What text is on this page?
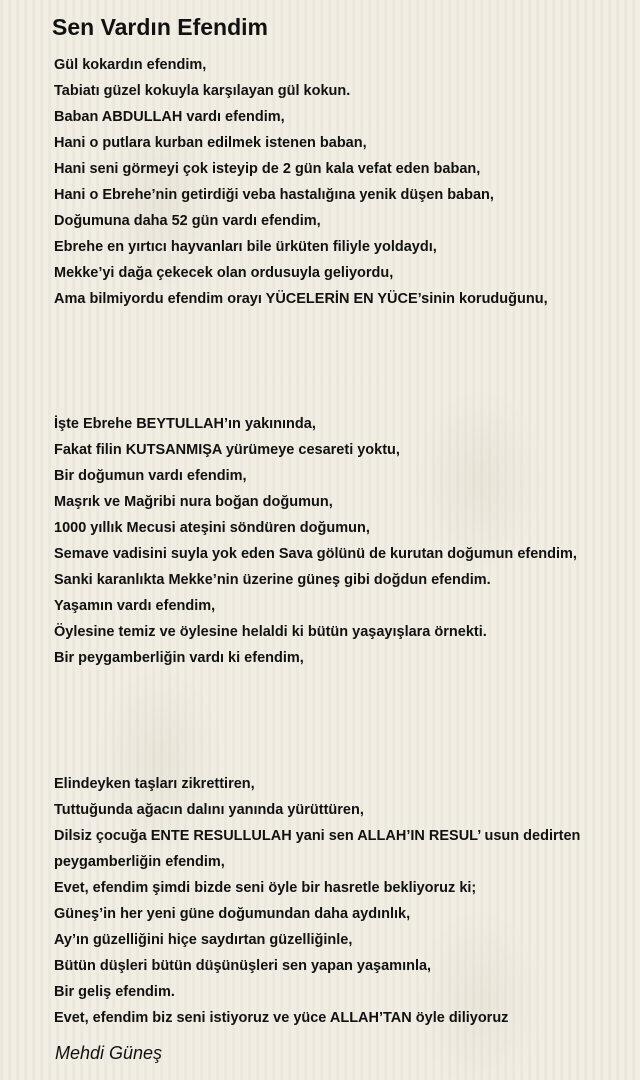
Sen Vardın Efendim
Gül kokardın efendim,
Tabiatı güzel kokuyla karşılayan gül kokun.
Baban ABDULLAH vardı efendim,
Hani o putlara kurban edilmek istenen baban,
Hani seni görmeyi çok isteyip de 2 gün kala vefat eden baban,
Hani o Ebrehe’nin getirdiği veba hastalığına yenik düşen baban,
Doğumuna daha 52 gün vardı efendim,
Ebrehe en yırtıcı hayvanları bile ürküten filiyle yoldaydı,
Mekke’yi dağa çekecek olan ordusuyla geliyordu,
Ama bilmiyordu efendim orayı YÜCELERİN EN YÜCE’sinin koruduğunu,
İşte Ebrehe BEYTULLAH’ın yakınında,
Fakat filin KUTSANMIŞA yürümeye cesareti yoktu,
Bir doğumun vardı efendim,
Maşrık ve Mağribi nura boğan doğumun,
1000 yıllık Mecusi ateşini söndüren doğumun,
Semave vadisini suyla yok eden Sava gölünü de kurutan doğumun efendim,
Sanki karanlıkta Mekke’nin üzerine güneş gibi doğdun efendim.
Yaşamın vardı efendim,
Öylesine temiz ve öylesine helaldi ki bütün yaşayışlara örnekti.
Bir peygamberliğin vardı ki efendim,
Elindeyken taşları zikrettiren,
Tuttuğunda ağacın dalını yanında yürüttüren,
Dilsiz çocuğa ENTE RESULLULAH yani sen ALLAH’IN RESUL’ usun dedirten
peygamberliğin efendim,
Evet, efendim şimdi bizde seni öyle bir hasretle bekliyoruz ki;
Güneş’in her yeni güne doğumundan daha aydınlık,
Ay’ın güzelliğini hiçe saydırtan güzelliğinle,
Bütün düşleri bütün düşünüşleri sen yapan yaşamınla,
Bir geliş efendim.
Evet, efendim biz seni istiyoruz ve yüce ALLAH’TAN öyle diliyoruz
Mehdi Güneş
